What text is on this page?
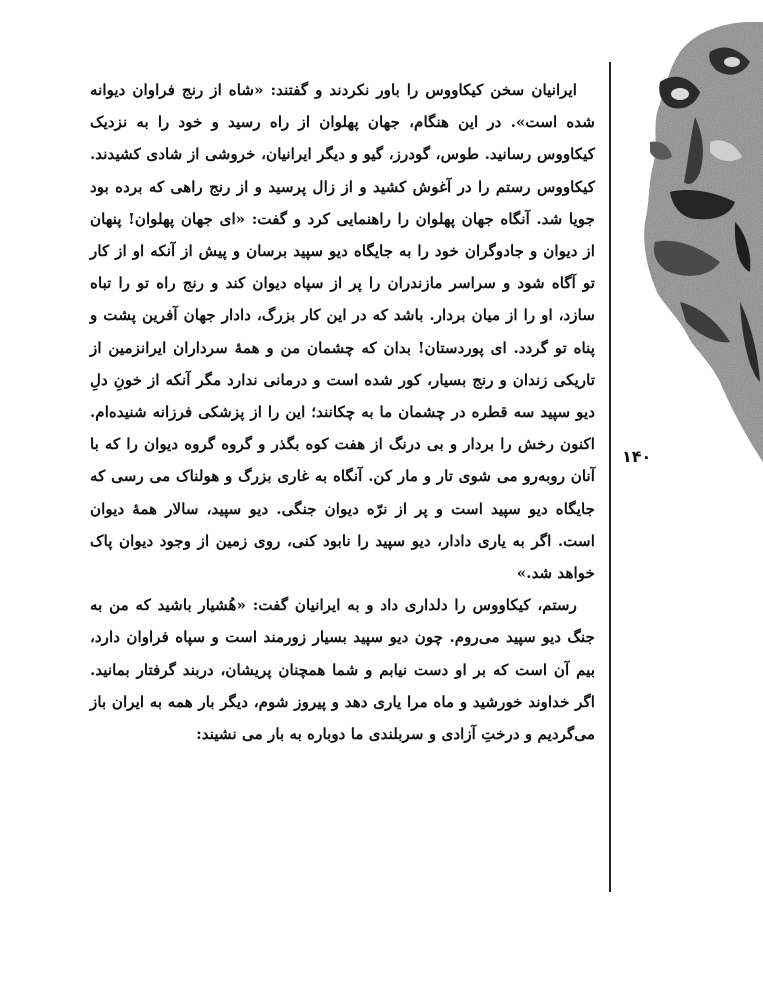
۱۴۰

ایرانیان سخن کیکاووس را باور نکردند و گفتند: «شاه از رنج فراوان دیوانه شده است». در این هنگام، جهان پهلوان از راه رسید و خود را به نزدیک کیکاووس رسانید. طوس، گودرز، گیو و دیگر ایرانیان، خروشی از شادی کشیدند. کیکاووس رستم را در آغوش کشید و از زال پرسید و از رنج راهی که برده بود جویا شد. آنگاه جهان پهلوان را راهنمایی کرد و گفت: «ای جهان پهلوان! پنهان از دیوان و جادوگران خود را به جایگاه دیو سپید برسان و پیش از آنکه او از کار تو آگاه شود و سراسر مازندران را پر از سپاه دیوان کند و رنج راه تو را تباه سازد، او را از میان بردار. باشد که در این کار بزرگ، دادار جهان آفرین پشت و پناه تو گردد. ای پوردستان! بدان که چشمان من و همهٔ سرداران ایرانزمین از تاریکی زندان و رنج بسیار، کور شده است و درمانی ندارد مگر آنکه از خونِ دلِ دیو سپید سه قطره در چشمان ما به چکانند؛ این را از پزشکی فرزانه شنیده‌ام. اکنون رخش را بردار و بی درنگ از هفت کوه بگذر و گروه گروه دیوان را که با آنان روبه‌رو می شوی تار و مار کن. آنگاه به غاری بزرگ و هولناک می رسی که جایگاه دیو سپید است و پر از نرّه دیوان جنگی. دیو سپید، سالار همهٔ دیوان است. اگر به یاری دادار، دیو سپید را نابود کنی، روی زمین از وجود دیوان پاک خواهد شد.»

رستم، کیکاووس را دلداری داد و به ایرانیان گفت: «هُشیار باشید که من به جنگ دیو سپید می‌روم. چون دیو سپید بسیار زورمند است و سپاه فراوان دارد، بیم آن است که بر او دست نیابم و شما همچنان پریشان، دربند گرفتار بمانید. اگر خداوند خورشید و ماه مرا یاری دهد و پیروز شوم، دیگر بار همه به ایران باز می‌گردیم و درختِ آزادی و سربلندی ما دوباره به بار می نشیند:
